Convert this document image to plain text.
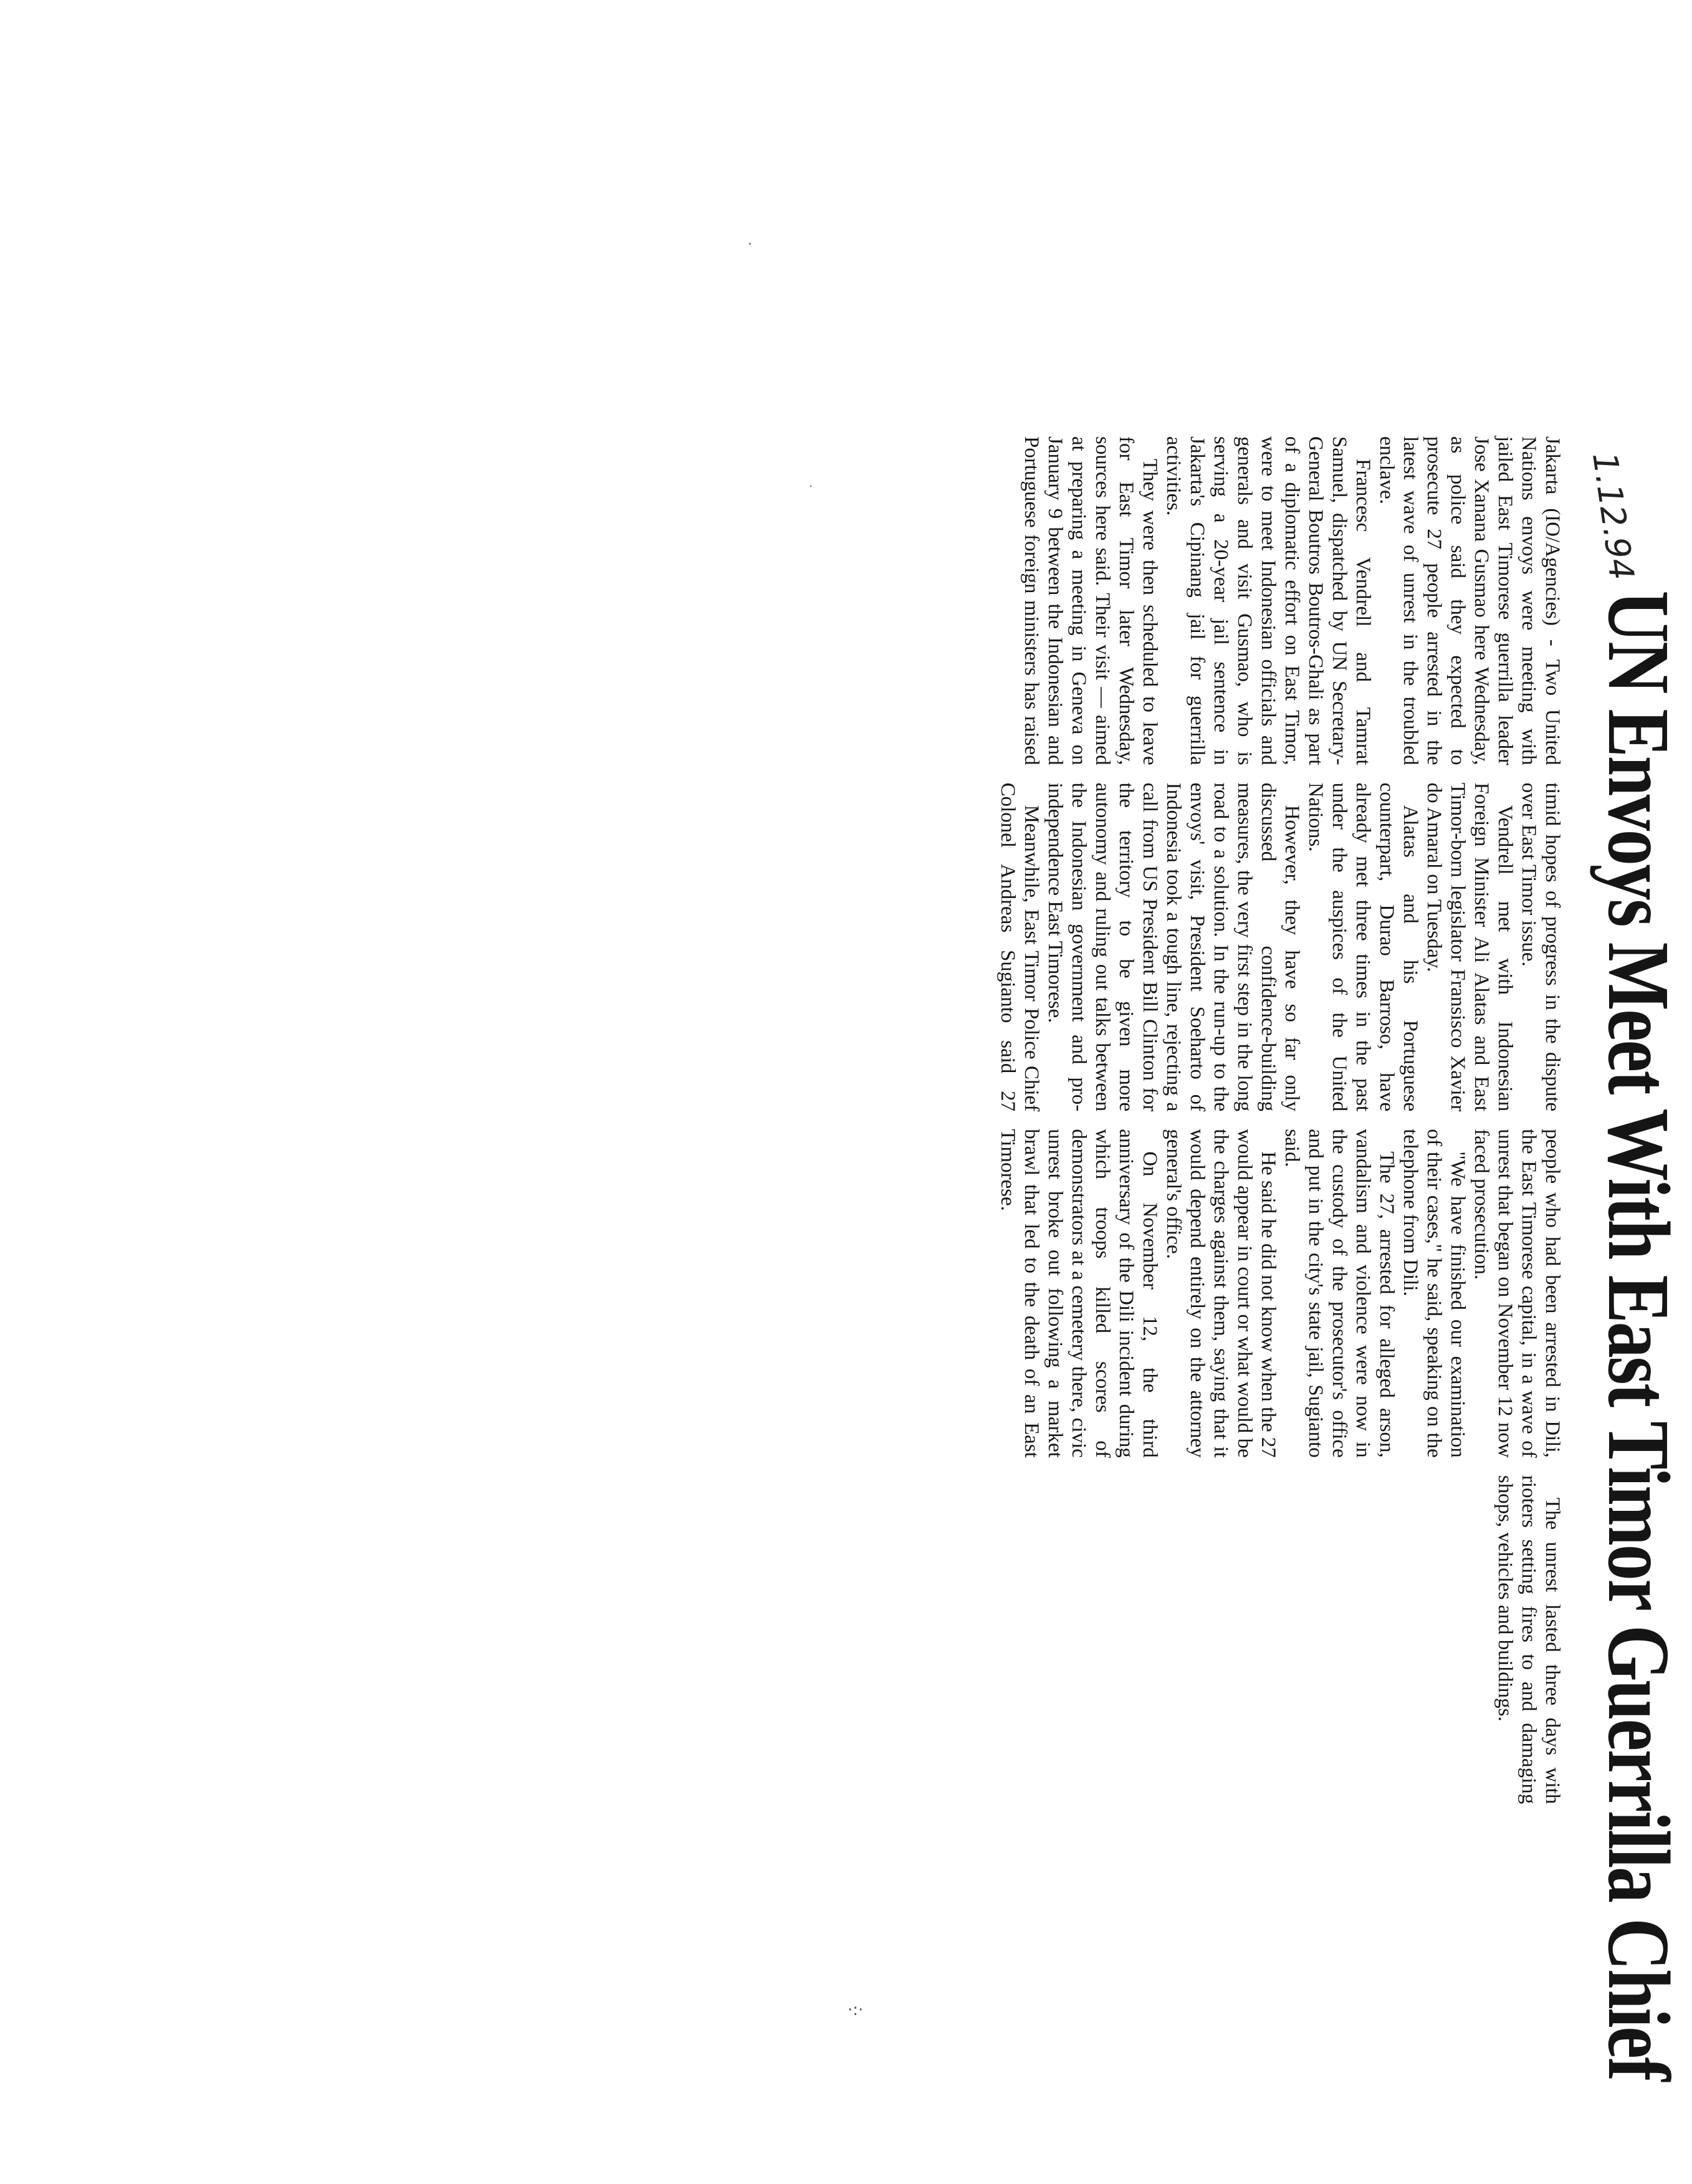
·
·
·:·	UN Envoys Meet With East Timor Guerrilla Chief
1.12.94

Jakarta (IO/Agencies) - Two United Nations envoys were meeting with jailed East Timorese guerrilla leader Jose Xanana Gusmao here Wednesday, as police said they expected to prosecute 27 people arrested in the latest wave of unrest in the troubled enclave.

Francesc Vendrell and Tamrat Samuel, dispatched by UN Secretary-General Boutros Boutros-Ghali as part of a diplomatic effort on East Timor, were to meet Indonesian officials and generals and visit Gusmao, who is serving a 20-year jail sentence in Jakarta's Cipinang jail for guerrilla activities.

They were then scheduled to leave for East Timor later Wednesday, sources here said. Their visit — aimed at preparing a meeting in Geneva on January 9 between the Indonesian and Portuguese foreign ministers has raised timid hopes of progress in the dispute over East Timor issue.

Vendrell met with Indonesian Foreign Minister Ali Alatas and East Timor-born legislator Fransisco Xavier do Amaral on Tuesday.

Alatas and his Portuguese counterpart, Durao Barroso, have already met three times in the past under the auspices of the United Nations.

However, they have so far only discussed confidence-building measures, the very first step in the long road to a solution. In the run-up to the envoys' visit, President Soeharto of Indonesia took a tough line, rejecting a call from US President Bill Clinton for the territory to be given more autonomy and ruling out talks between the Indonesian government and pro-independence East Timorese.

Meanwhile, East Timor Police Chief Colonel Andreas Sugianto said 27 people who had been arrested in Dili, the East Timorese capital, in a wave of unrest that began on November 12 now faced prosecution.

"We have finished our examination of their cases," he said, speaking on the telephone from Dili.

The 27, arrested for alleged arson, vandalism and violence were now in the custody of the prosecutor's office and put in the city's state jail, Sugianto said.

He said he did not know when the 27 would appear in court or what would be the charges against them, saying that it would depend entirely on the attorney general's office.

On November 12, the third anniversary of the Dili incident during which troops killed scores of demonstrators at a cemetery there, civic unrest broke out following a market brawl that led to the death of an East Timorese.

The unrest lasted three days with rioters setting fires to and damaging shops, vehicles and buildings.
